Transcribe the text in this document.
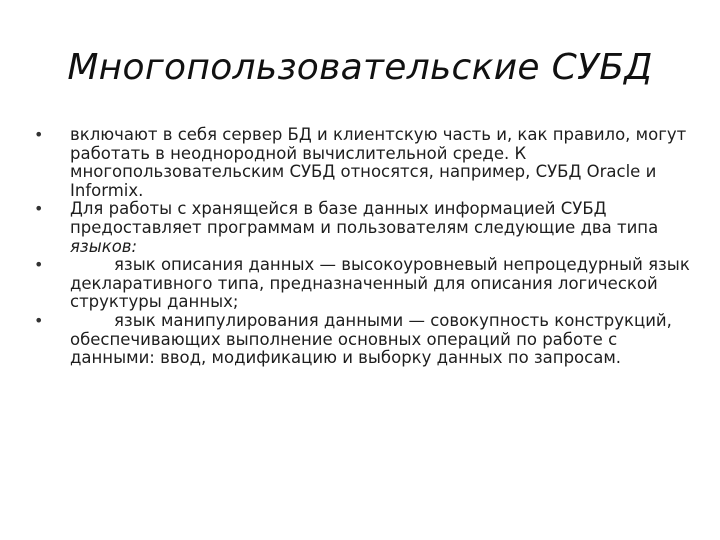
Многопользовательские СУБД
•	включают в себя сервер БД и клиентскую часть и, как правило, могут работать в неоднородной вычислительной среде. К многопользовательским СУБД относятся, например, СУБД Oracle и Informix.
•	Для работы с хранящейся в базе данных информацией СУБД предоставляет программам и пользователям следующие два типа языков:
•	язык описания данных — высокоуровневый непроцедурный язык декларативного типа, предназначенный для описания логической структуры данных;
•	язык манипулирования данными — совокупность конструкций, обеспечивающих выполнение основных операций по работе с данными: ввод, модификацию и выборку данных по запросам.
